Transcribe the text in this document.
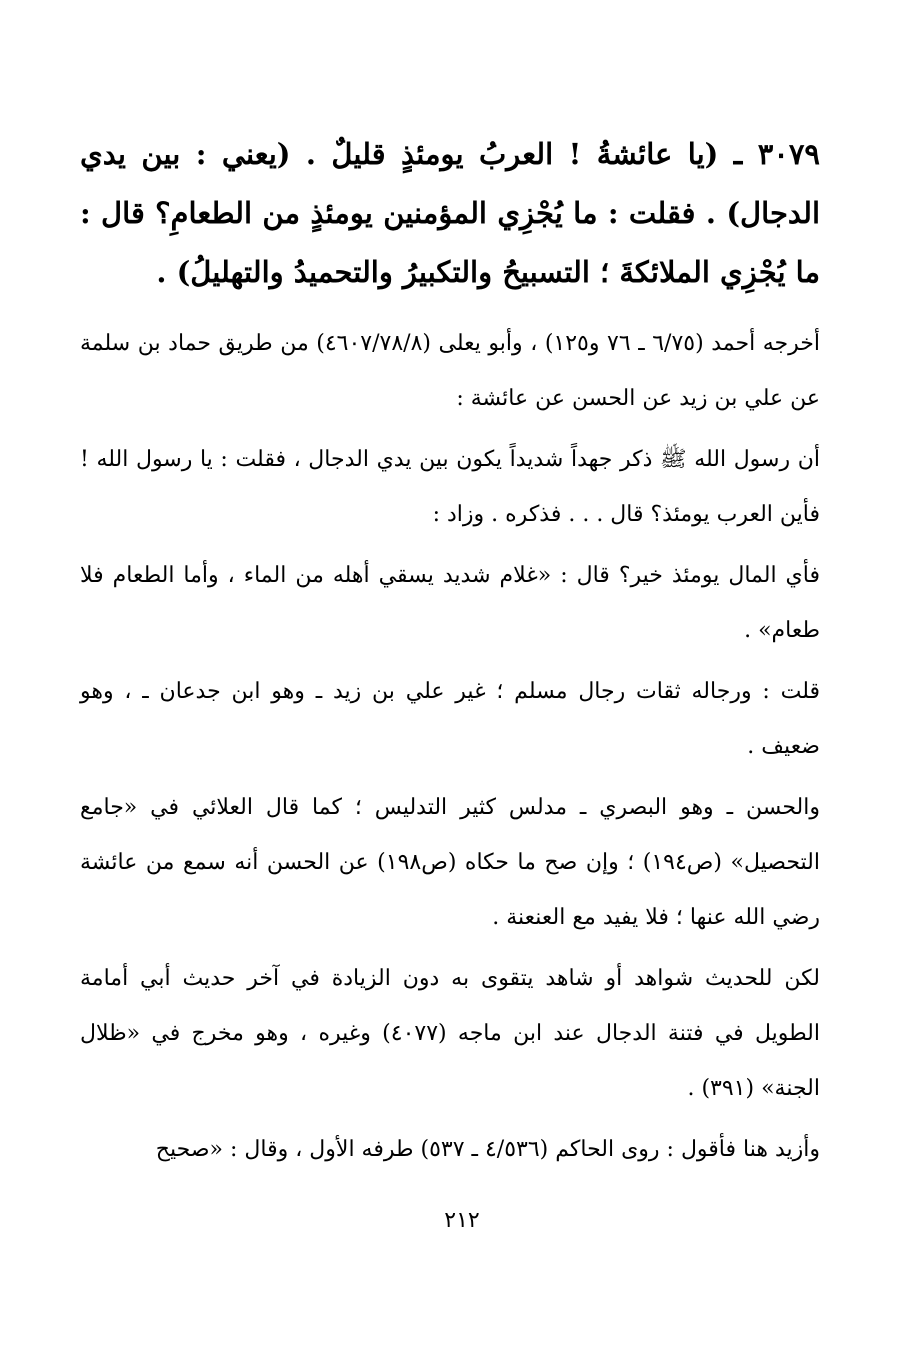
٣٠٧٩ ـ (يا عائشةُ ! العربُ يومئذٍ قليلٌ . (يعني : بين يدي الدجال) . فقلت : ما يُجْزِي المؤمنين يومئذٍ من الطعامِ؟ قال : ما يُجْزِي الملائكةَ ؛ التسبيحُ والتكبيرُ والتحميدُ والتهليلُ) .

أخرجه أحمد (٦/٧٥ ـ ٧٦ و١٢٥) ، وأبو يعلى (٤٦٠٧/٧٨/٨) من طريق حماد بن سلمة عن علي بن زيد عن الحسن عن عائشة :

أن رسول الله ﷺ ذكر جهداً شديداً يكون بين يدي الدجال ، فقلت : يا رسول الله ! فأين العرب يومئذ؟ قال . . . فذكره . وزاد :

فأي المال يومئذ خير؟ قال : «غلام شديد يسقي أهله من الماء ، وأما الطعام فلا طعام» .

قلت : ورجاله ثقات رجال مسلم ؛ غير علي بن زيد ـ وهو ابن جدعان ـ ، وهو ضعيف .

والحسن ـ وهو البصري ـ مدلس كثير التدليس ؛ كما قال العلائي في «جامع التحصيل» (ص١٩٤) ؛ وإن صح ما حكاه (ص١٩٨) عن الحسن أنه سمع من عائشة رضي الله عنها ؛ فلا يفيد مع العنعنة .

لكن للحديث شواهد أو شاهد يتقوى به دون الزيادة في آخر حديث أبي أمامة الطويل في فتنة الدجال عند ابن ماجه (٤٠٧٧) وغيره ، وهو مخرج في «ظلال الجنة» (٣٩١) .

وأزيد هنا فأقول : روى الحاكم (٤/٥٣٦ ـ ٥٣٧) طرفه الأول ، وقال : «صحيح

٢١٢
